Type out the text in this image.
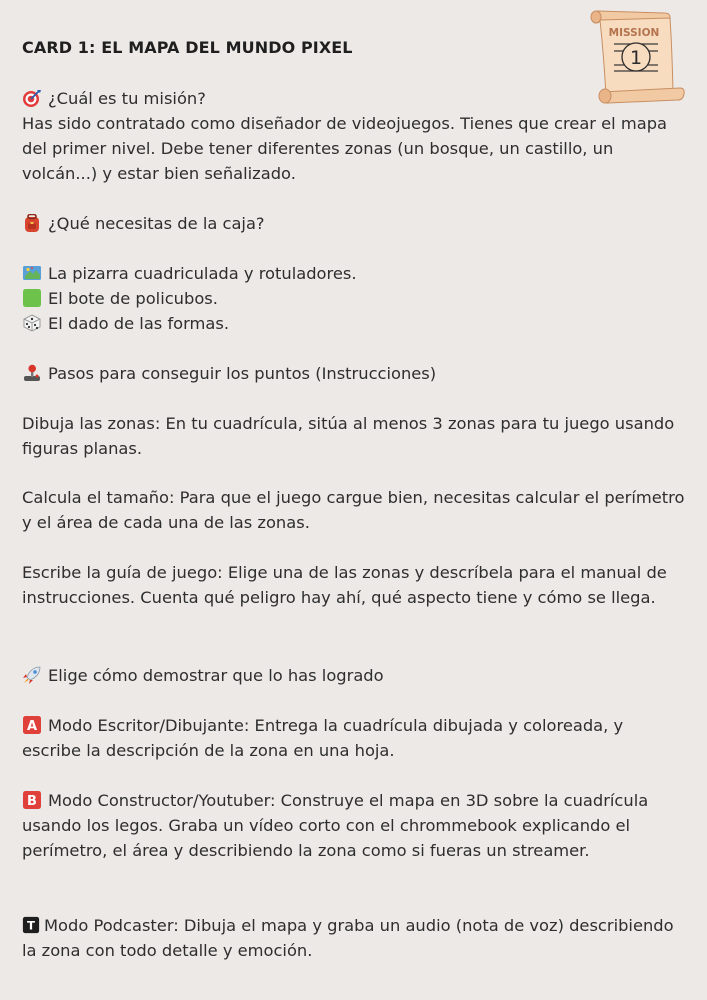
CARD 1: EL MAPA DEL MUNDO PIXEL
MISSION
1

¿Cuál es tu misión?

Has sido contratado como diseñador de videojuegos. Tienes que crear el mapa del primer nivel. Debe tener diferentes zonas (un bosque, un castillo, un volcán...) y estar bien señalizado.

¿Qué necesitas de la caja?

La pizarra cuadriculada y rotuladores.

El bote de policubos.

El dado de las formas.

Pasos para conseguir los puntos (Instrucciones)

Dibuja las zonas: En tu cuadrícula, sitúa al menos 3 zonas para tu juego usando figuras planas.

Calcula el tamaño: Para que el juego cargue bien, necesitas calcular el perímetro y el área de cada una de las zonas.

Escribe la guía de juego: Elige una de las zonas y descríbela para el manual de instrucciones. Cuenta qué peligro hay ahí, qué aspecto tiene y cómo se llega.

Elige cómo demostrar que lo has logrado

A Modo Escritor/Dibujante: Entrega la cuadrícula dibujada y coloreada, y escribe la descripción de la zona en una hoja.

B Modo Constructor/Youtuber: Construye el mapa en 3D sobre la cuadrícula usando los legos. Graba un vídeo corto con el chrommebook explicando el perímetro, el área y describiendo la zona como si fueras un streamer.

T Modo Podcaster: Dibuja el mapa y graba un audio (nota de voz) describiendo la zona con todo detalle y emoción.
